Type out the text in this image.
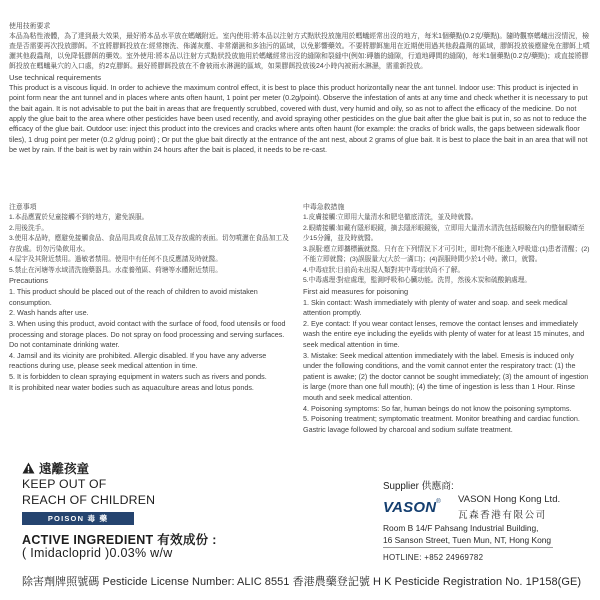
使用技術要求
本品為粘性液體，為了達到最大效果，最好將本品水平放在螞蟻附近。室內使用:將本品以注射方式點狀投放施用於螞蟻經常出沒的地方，每米1個藥點(0.2克/藥點)。隨時觀察螞蟻出沒情況，檢查是否需要再次投放膠餌。不宜將膠餌投放在:經常擦洗、佈滿灰塵、非常潮濕和多油污的區域，以免影響藥效。不要將膠餌施用在近期使用過其他殺蟲劑的區域，膠餌投放後應避免在膠餌上噴灑其他殺蟲劑，以免降低膠餌的藥效。室外使用:將本品以注射方式點狀投放施用於螞蟻經常出沒的縫隙和裂縫中(例如:磚牆的縫隙，行道地磚間的縫隙)，每米1個藥點(0.2克/藥點)；或直接將膠餌投放在螞蟻巢穴的入口處，約2克膠餌。最好將膠餌投放在不會被雨水淋濕的區域，如果膠餌投放後24小時內被雨水淋濕，需重新投放。
Use technical requirements
This product is a viscous liquid. In order to achieve the maximum control effect, it is best to place this product horizontally near the ant tunnel. Indoor use: This product is injected in point form near the ant tunnel and in places where ants often haunt, 1 point per meter (0.2g/point). Observe the infestation of ants at any time and check whether it is necessary to put the bait again. It is not advisable to put the bait in areas that are frequently scrubbed, covered with dust, very humid and oily, so as not to affect the efficacy of the medicine. Do not apply the glue bait to the area where other pesticides have been used recently, and avoid spraying other pesticides on the glue bait after the glue bait is put in, so as not to reduce the efficacy of the glue bait. Outdoor use: inject this product into the crevices and cracks where ants often haunt (for example: the cracks of brick walls, the gaps between sidewalk floor tiles), 1 drug point per meter (0.2 g/drug point) ; Or put the glue bait directly at the entrance of the ant nest, about 2 grams of glue bait. It is best to place the bait in an area that will not be wet by rain. If the bait is wet by rain within 24 hours after the bait is placed, it needs to be re-cast.
注意事項
1.本品應置於兒童接觸不到的地方，避免誤服。
2.用後洗手。
3.使用本品時，應避免接觸食品、食品用具或食品加工及存放處的表面。切勿噴灑在食品加工及存放處。切勿污染飲用水。
4.屋宇及其附近禁用。過敏者禁用。使用中有任何不良反應請及時就醫。
5.禁止在河塘等水域清洗施藥器具。水產養殖區、荷塘等水體附近禁用。
Precautions
1. This product should be placed out of the reach of children to avoid mistaken consumption.
2. Wash hands after use.
3. When using this product, avoid contact with the surface of food, food utensils or food processing and storage places. Do not spray on food processing and serving surfaces. Do not contaminate drinking water.
4. Jamsil and its vicinity are prohibited. Allergic disabled. If you have any adverse reactions during use, please seek medical attention in time.
5. It is forbidden to clean spraying equipment in waters such as rivers and ponds.
It is prohibited near water bodies such as aquaculture areas and lotus ponds.
中毒急救措施
1.皮膚接觸:立即用大量清水和肥皂徹底清洗，並及時就醫。
2.眼睛接觸:如戴有隱形眼鏡，摘去隱形眼鏡後，立即用大量清水清洗包括眼瞼在內的整個眼睛至少15分鐘，並及時就醫。
3.誤服:應立即攜標籤就醫。只有在下列情況下才可引吐，即吐物不能進入呼吸道:(1)患者清醒；(2)不能立即就醫；(3)誤服量大(大於一滿口)；(4)誤服時間少於1小時。漱口，就醫。
4.中毒症狀:目前尚未出現人類對其中毒症狀尚不了解。
5.中毒處理:對症處理，監測呼吸和心臟功能。洗胃，然後木炭和硫酸鈉處理。
First aid measures for poisoning
1. Skin contact: Wash immediately with plenty of water and soap. and seek medical attention promptly.
2. Eye contact: If you wear contact lenses, remove the contact lenses and immediately wash the entire eye including the eyelids with plenty of water for at least 15 minutes, and seek medical attention in time.
3. Mistake: Seek medical attention immediately with the label. Emesis is induced only under the following conditions, and the vomit cannot enter the respiratory tract: (1) the patient is awake; (2) the doctor cannot be sought immediately; (3) the amount of ingestion is large (more than one full mouth); (4) the time of ingestion is less than 1 Hour. Rinse mouth and seek medical attention.
4. Poisoning symptoms: So far, human beings do not know the poisoning symptoms.
5. Poisoning treatment; symptomatic treatment. Monitor breathing and cardiac function. Gastric lavage followed by charcoal and sodium sulfate treatment.
遠離孩童
KEEP OUT OF
REACH OF CHILDREN
POISON 毒 藥
ACTIVE INGREDIENT 有效成份 :
( Imidacloprid )0.03% w/w
Supplier 供應商:
VASON ® VASON Hong Kong Ltd.
瓦森香港有限公司
Room B 14/F Pahsang Industrial Building,
16 Sanson Street, Tuen Mun, NT, Hong Kong
HOTLINE: +852 24969782
除害劑牌照號碼 Pesticide License Number: ALIC 8551 香港農藥登記號 H K Pesticide Registration No. 1P158(GE)
